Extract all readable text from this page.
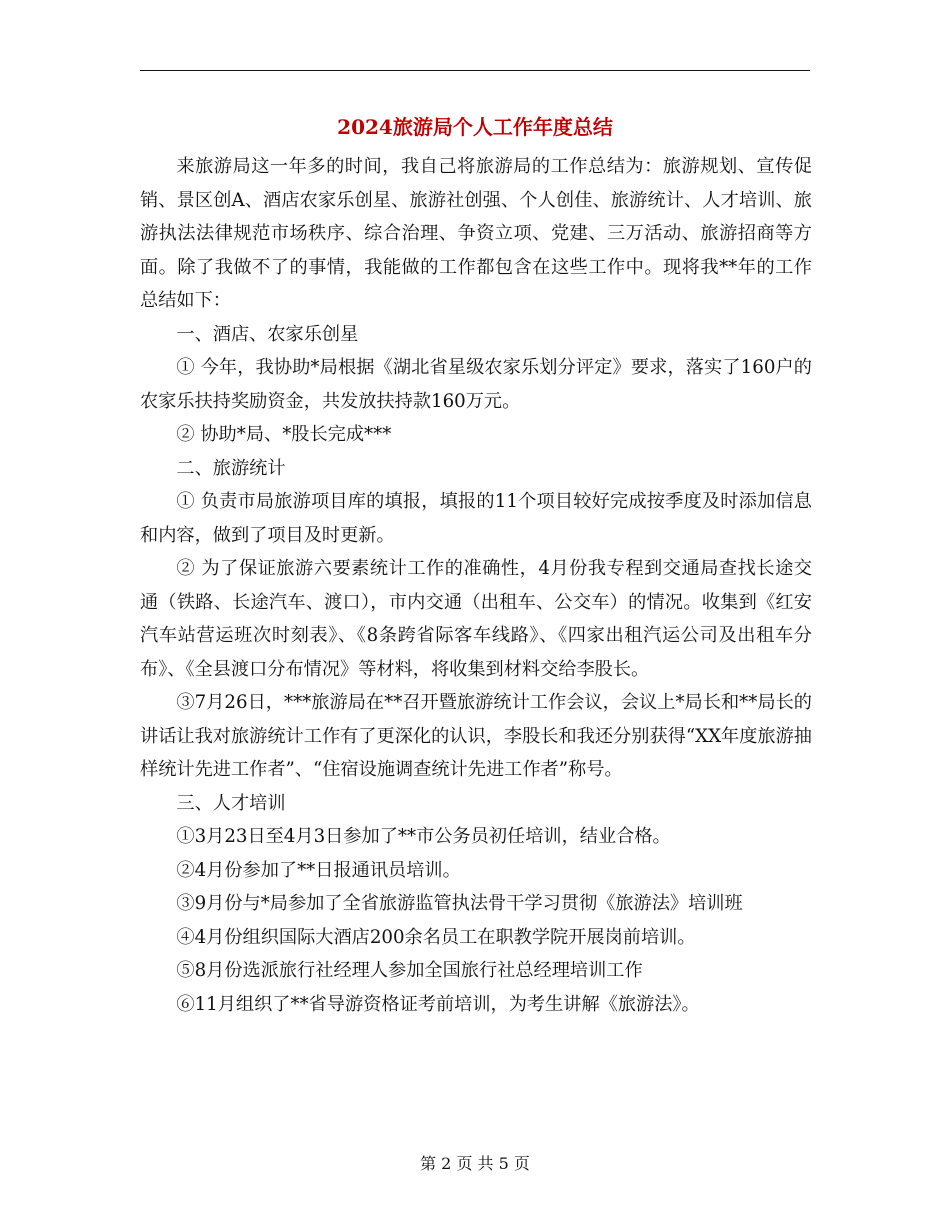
2024旅游局个人工作年度总结

来旅游局这一年多的时间，我自己将旅游局的工作总结为：旅游规划、宣传促销、景区创A、酒店农家乐创星、旅游社创强、个人创佳、旅游统计、人才培训、旅游执法法律规范市场秩序、综合治理、争资立项、党建、三万活动、旅游招商等方面。除了我做不了的事情，我能做的工作都包含在这些工作中。现将我**年的工作总结如下：

一、酒店、农家乐创星

① 今年，我协助*局根据《湖北省星级农家乐划分评定》要求，落实了160户的农家乐扶持奖励资金，共发放扶持款160万元。

② 协助*局、*股长完成***

二、旅游统计

① 负责市局旅游项目库的填报，填报的11个项目较好完成按季度及时添加信息和内容，做到了项目及时更新。

② 为了保证旅游六要素统计工作的准确性，4月份我专程到交通局查找长途交通（铁路、长途汽车、渡口），市内交通（出租车、公交车）的情况。收集到《红安汽车站营运班次时刻表》、《8条跨省际客车线路》、《四家出租汽运公司及出租车分布》、《全县渡口分布情况》等材料，将收集到材料交给李股长。

③7月26日，***旅游局在**召开暨旅游统计工作会议，会议上*局长和**局长的讲话让我对旅游统计工作有了更深化的认识，李股长和我还分别获得“XX年度旅游抽样统计先进工作者”、“住宿设施调查统计先进工作者”称号。

三、人才培训

①3月23日至4月3日参加了**市公务员初任培训，结业合格。

②4月份参加了**日报通讯员培训。

③9月份与*局参加了全省旅游监管执法骨干学习贯彻《旅游法》培训班

④4月份组织国际大酒店200余名员工在职教学院开展岗前培训。

⑤8月份选派旅行社经理人参加全国旅行社总经理培训工作

⑥11月组织了**省导游资格证考前培训，为考生讲解《旅游法》。

第 2 页 共 5 页
